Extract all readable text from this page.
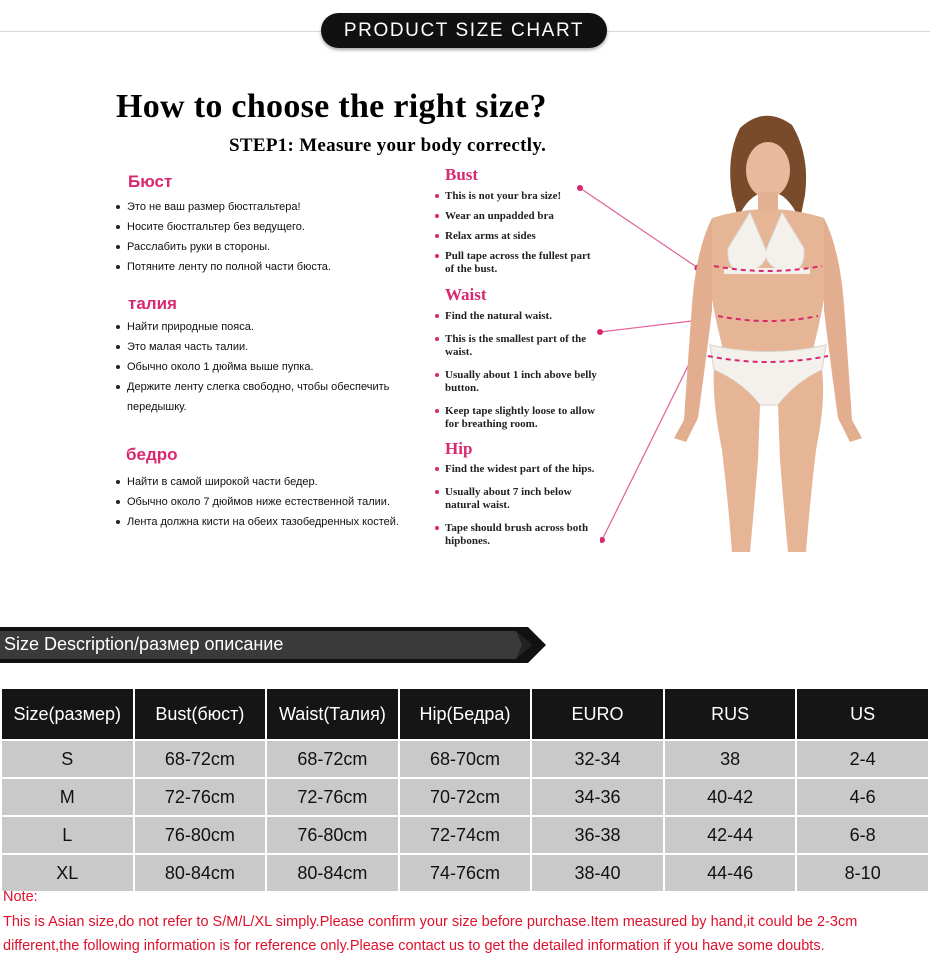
PRODUCT SIZE CHART
How to choose the right size?
STEP1: Measure your body correctly.
Бюст
Это не ваш размер бюстгальтера!
Носите бюстгальтер без ведущего.
Расслабить руки в стороны.
Потяните ленту по полной части бюста.
талия
Найти природные пояса.
Это малая часть талии.
Обычно около 1 дюйма выше пупка.
Держите ленту слегка свободно, чтобы обеспечить передышку.
бедро
Найти в самой широкой части бедер.
Обычно около 7 дюймов ниже естественной талии.
Лента должна кисти на обеих тазобедренных костей.
Bust
This is not your bra size!
Wear an unpadded bra
Relax arms at sides
Pull tape across the fullest part of the bust.
Waist
Find the natural waist.
This is the smallest part of the waist.
Usually about 1 inch above belly button.
Keep tape slightly loose to allow for breathing room.
Hip
Find the widest part of the hips.
Usually about 7 inch below natural waist.
Tape should brush across both hipbones.
Size Description/размер описание
Size(размер)	Bust(бюст)	Waist(Талия)	Hip(Бедра)	EURO	RUS	US
S	68-72cm	68-72cm	68-70cm	32-34	38	2-4
M	72-76cm	72-76cm	70-72cm	34-36	40-42	4-6
L	76-80cm	76-80cm	72-74cm	36-38	42-44	6-8
XL	80-84cm	80-84cm	74-76cm	38-40	44-46	8-10
Note:
This is Asian size,do not refer to S/M/L/XL simply.Please confirm your size before purchase.Item measured by hand,it could be 2-3cm
different,the following information is for reference only.Please contact us to get the detailed information if you have some doubts.
